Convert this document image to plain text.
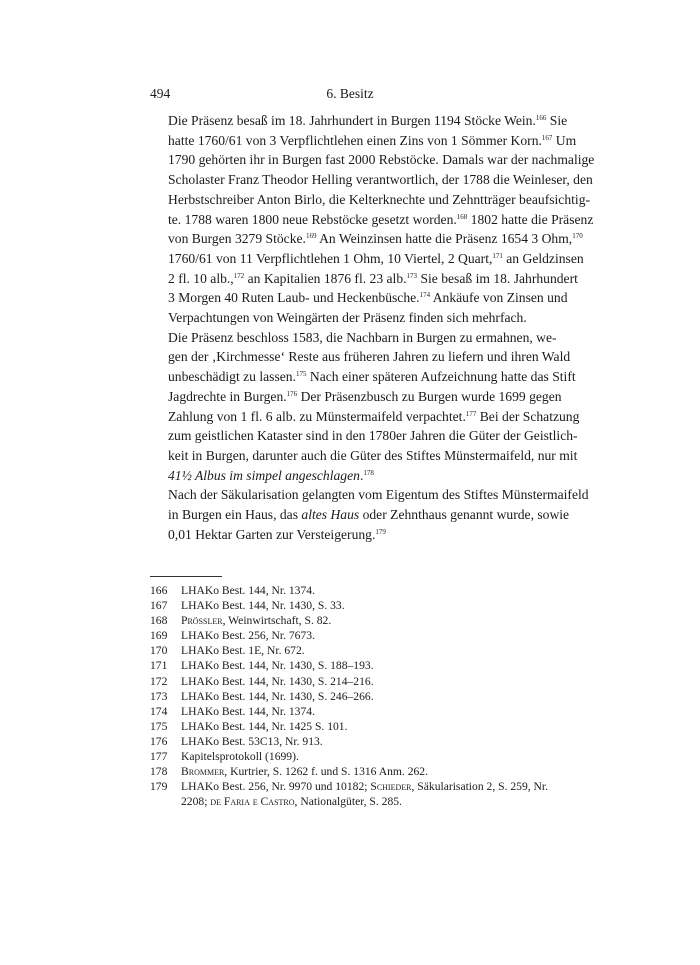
494	6. Besitz
Die Präsenz besaß im 18. Jahrhundert in Burgen 1194 Stöcke Wein.$^{166}$ Sie
hatte 1760/61 von 3 Verpflichtlehen einen Zins von 1 Sömmer Korn.$^{167}$ Um
1790 gehörten ihr in Burgen fast 2000 Rebstöcke. Damals war der nachmalige
Scholaster Franz Theodor Helling verantwortlich, der 1788 die Weinleser, den
Herbstschreiber Anton Birlo, die Kelterknechte und Zehntträger beaufsichtig-
te. 1788 waren 1800 neue Rebstöcke gesetzt worden.$^{168}$ 1802 hatte die Präsenz
von Burgen 3279 Stöcke.$^{169}$ An Weinzinsen hatte die Präsenz 1654 3 Ohm,$^{170}$
1760/61 von 11 Verpflichtlehen 1 Ohm, 10 Viertel, 2 Quart,$^{171}$ an Geldzinsen
2 fl. 10 alb.,$^{172}$ an Kapitalien 1876 fl. 23 alb.$^{173}$ Sie besaß im 18. Jahrhundert
3 Morgen 40 Ruten Laub- und Heckenbüsche.$^{174}$ Ankäufe von Zinsen und
Verpachtungen von Weingärten der Präsenz finden sich mehrfach.
Die Präsenz beschloss 1583, die Nachbarn in Burgen zu ermahnen, we-
gen der ‚Kirchmesse‘ Reste aus früheren Jahren zu liefern und ihren Wald
unbeschädigt zu lassen.$^{175}$ Nach einer späteren Aufzeichnung hatte das Stift
Jagdrechte in Burgen.$^{176}$ Der Präsenzbusch zu Burgen wurde 1699 gegen
Zahlung von 1 fl. 6 alb. zu Münstermaifeld verpachtet.$^{177}$ Bei der Schatzung
zum geistlichen Kataster sind in den 1780er Jahren die Güter der Geistlich-
keit in Burgen, darunter auch die Güter des Stiftes Münstermaifeld, nur mit
41½ Albus im simpel angeschlagen.$^{178}$
Nach der Säkularisation gelangten vom Eigentum des Stiftes Münstermaifeld
in Burgen ein Haus, das altes Haus oder Zehnthaus genannt wurde, sowie
0,01 Hektar Garten zur Versteigerung.$^{179}$
166 LHAKo Best. 144, Nr. 1374.
167 LHAKo Best. 144, Nr. 1430, S. 33.
168 Prössler, Weinwirtschaft, S. 82.
169 LHAKo Best. 256, Nr. 7673.
170 LHAKo Best. 1E, Nr. 672.
171 LHAKo Best. 144, Nr. 1430, S. 188–193.
172 LHAKo Best. 144, Nr. 1430, S. 214–216.
173 LHAKo Best. 144, Nr. 1430, S. 246–266.
174 LHAKo Best. 144, Nr. 1374.
175 LHAKo Best. 144, Nr. 1425 S. 101.
176 LHAKo Best. 53C13, Nr. 913.
177 Kapitelsprotokoll (1699).
178 Brommer, Kurtrier, S. 1262 f. und S. 1316 Anm. 262.
179 LHAKo Best. 256, Nr. 9970 und 10182; Schieder, Säkularisation 2, S. 259, Nr. 2208; de Faria e Castro, Nationalgüter, S. 285.
